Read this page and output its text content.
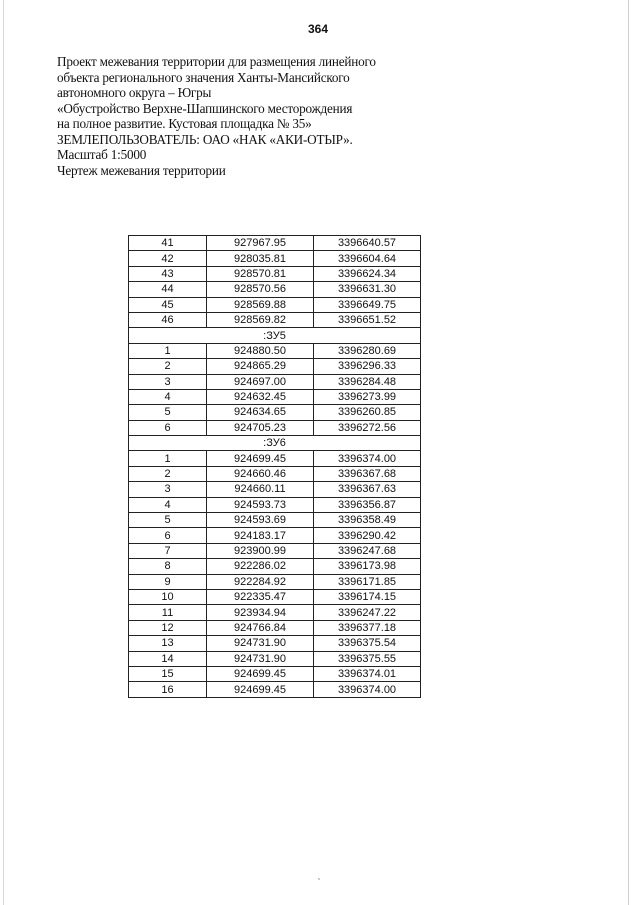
364
Проект межевания территории для размещения линейного
объекта регионального значения Ханты-Мансийского
автономного округа – Югры
«Обустройство Верхне-Шапшинского месторождения
на полное развитие. Кустовая площадка № 35»
ЗЕМЛЕПОЛЬЗОВАТЕЛЬ: ОАО «НАК «АКИ-ОТЫР».
Масштаб 1:5000
Чертеж межевания территории
41	927967.95	3396640.57
42	928035.81	3396604.64
43	928570.81	3396624.34
44	928570.56	3396631.30
45	928569.88	3396649.75
46	928569.82	3396651.52
:ЗУ5		
1	924880.50	3396280.69
2	924865.29	3396296.33
3	924697.00	3396284.48
4	924632.45	3396273.99
5	924634.65	3396260.85
6	924705.23	3396272.56
:ЗУ6		
1	924699.45	3396374.00
2	924660.46	3396367.68
3	924660.11	3396367.63
4	924593.73	3396356.87
5	924593.69	3396358.49
6	924183.17	3396290.42
7	923900.99	3396247.68
8	922286.02	3396173.98
9	922284.92	3396171.85
10	922335.47	3396174.15
11	923934.94	3396247.22
12	924766.84	3396377.18
13	924731.90	3396375.54
14	924731.90	3396375.55
15	924699.45	3396374.01
16	924699.45	3396374.00
